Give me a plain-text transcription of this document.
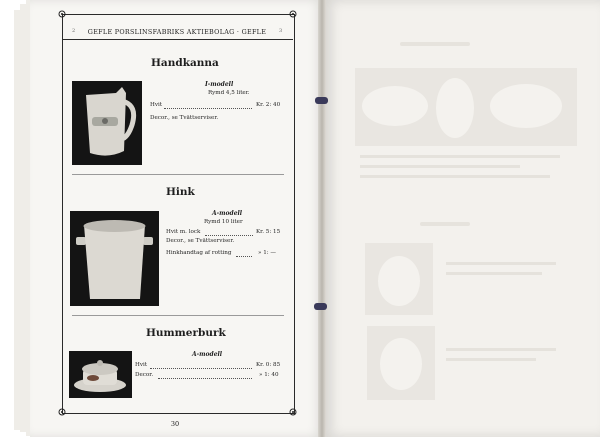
2	GEFLE PORSLINSFABRIKS AKTIEBOLAG · GEFLE	3
Handkanna
I-modell
Rymd 4,5 liter.
Hvit	Kr. 2: 40
Decor., se Tvättserviser.
Hink
A-modell
Rymd 10 liter
Hvit m. lock	Kr. 5: 15
Decor., se Tvättserviser.
Hinkhandtag af rotting	» 1: —
Hummerburk
A-modell
Hvit	Kr. 0: 85
Decor.	» 1: 40
30
